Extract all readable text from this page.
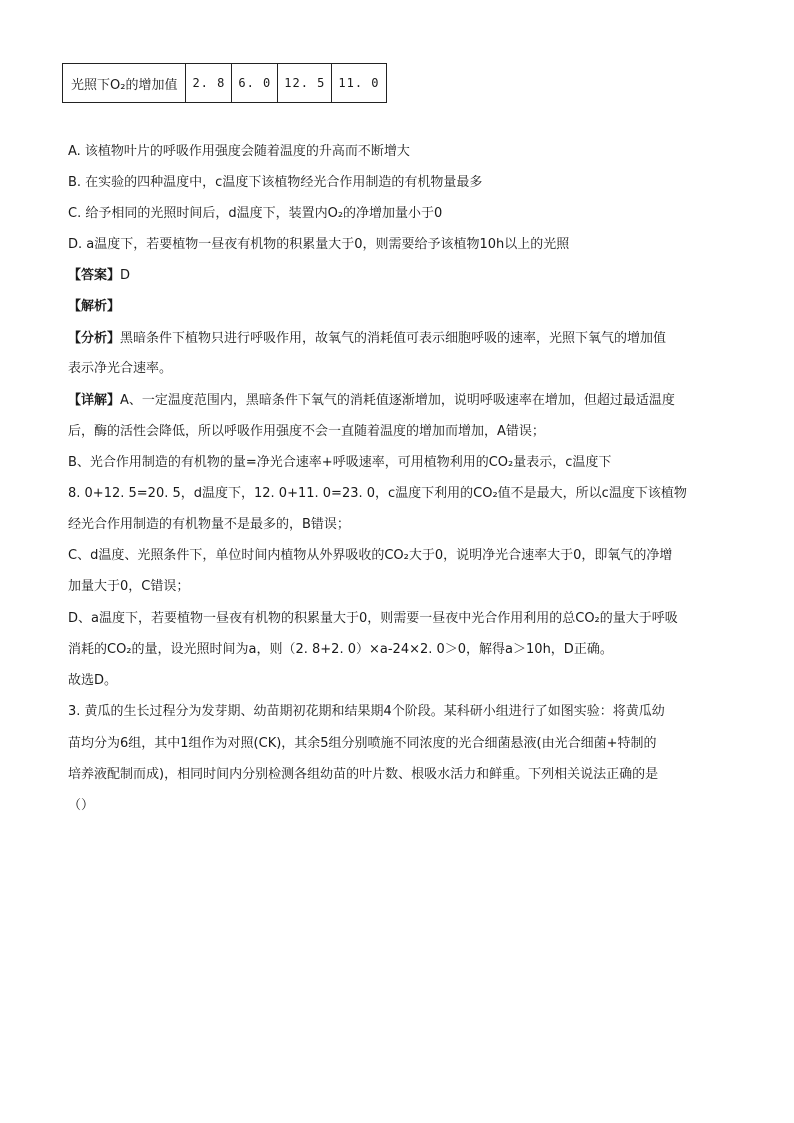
光照下O₂的增加值	2. 8	6. 0	12. 5	11. 0
A. 该植物叶片的呼吸作用强度会随着温度的升高而不断增大
B. 在实验的四种温度中，c温度下该植物经光合作用制造的有机物量最多
C. 给予相同的光照时间后，d温度下，装置内O₂的净增加量小于0
D. a温度下，若要植物一昼夜有机物的积累量大于0，则需要给予该植物10h以上的光照
【答案】D
【解析】
【分析】黑暗条件下植物只进行呼吸作用，故氧气的消耗值可表示细胞呼吸的速率，光照下氧气的增加值
表示净光合速率。
【详解】A、一定温度范围内，黑暗条件下氧气的消耗值逐渐增加，说明呼吸速率在增加，但超过最适温度
后，酶的活性会降低，所以呼吸作用强度不会一直随着温度的增加而增加，A错误；
B、光合作用制造的有机物的量=净光合速率+呼吸速率，可用植物利用的CO₂量表示，c温度下
8. 0+12. 5=20. 5，d温度下，12. 0+11. 0=23. 0，c温度下利用的CO₂值不是最大，所以c温度下该植物
经光合作用制造的有机物量不是最多的，B错误；
C、d温度、光照条件下，单位时间内植物从外界吸收的CO₂大于0，说明净光合速率大于0，即氧气的净增
加量大于0，C错误；
D、a温度下，若要植物一昼夜有机物的积累量大于0，则需要一昼夜中光合作用利用的总CO₂的量大于呼吸
消耗的CO₂的量，设光照时间为a，则（2. 8+2. 0）×a-24×2. 0＞0，解得a＞10h，D正确。
故选D。
3. 黄瓜的生长过程分为发芽期、幼苗期初花期和结果期4个阶段。某科研小组进行了如图实验：将黄瓜幼
苗均分为6组，其中1组作为对照(CK)，其余5组分别喷施不同浓度的光合细菌悬液(由光合细菌+特制的
培养液配制而成)，相同时间内分别检测各组幼苗的叶片数、根吸水活力和鲜重。下列相关说法正确的是
（）
